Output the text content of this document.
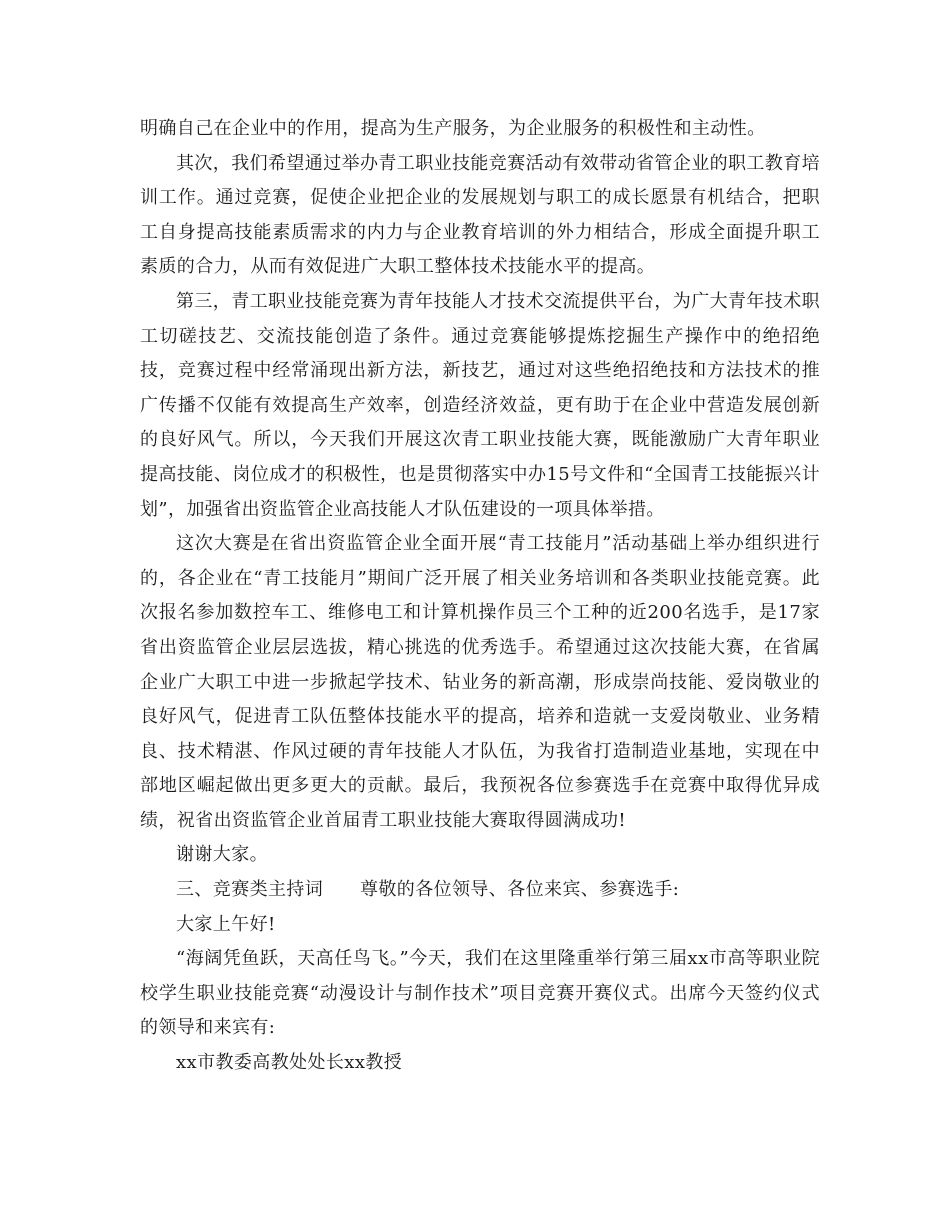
明确自己在企业中的作用，提高为生产服务，为企业服务的积极性和主动性。

其次，我们希望通过举办青工职业技能竞赛活动有效带动省管企业的职工教育培训工作。通过竞赛，促使企业把企业的发展规划与职工的成长愿景有机结合，把职工自身提高技能素质需求的内力与企业教育培训的外力相结合，形成全面提升职工素质的合力，从而有效促进广大职工整体技术技能水平的提高。

第三，青工职业技能竞赛为青年技能人才技术交流提供平台，为广大青年技术职工切磋技艺、交流技能创造了条件。通过竞赛能够提炼挖掘生产操作中的绝招绝技，竞赛过程中经常涌现出新方法，新技艺，通过对这些绝招绝技和方法技术的推广传播不仅能有效提高生产效率，创造经济效益，更有助于在企业中营造发展创新的良好风气。所以，今天我们开展这次青工职业技能大赛，既能激励广大青年职业提高技能、岗位成才的积极性，也是贯彻落实中办15号文件和“全国青工技能振兴计划”，加强省出资监管企业高技能人才队伍建设的一项具体举措。

这次大赛是在省出资监管企业全面开展“青工技能月”活动基础上举办组织进行的，各企业在“青工技能月”期间广泛开展了相关业务培训和各类职业技能竞赛。此次报名参加数控车工、维修电工和计算机操作员三个工种的近200名选手，是17家省出资监管企业层层选拔，精心挑选的优秀选手。希望通过这次技能大赛，在省属企业广大职工中进一步掀起学技术、钻业务的新高潮，形成崇尚技能、爱岗敬业的良好风气，促进青工队伍整体技能水平的提高，培养和造就一支爱岗敬业、业务精良、技术精湛、作风过硬的青年技能人才队伍，为我省打造制造业基地，实现在中部地区崛起做出更多更大的贡献。最后，我预祝各位参赛选手在竞赛中取得优异成绩，祝省出资监管企业首届青工职业技能大赛取得圆满成功!

谢谢大家。

三、竞赛类主持词　　尊敬的各位领导、各位来宾、参赛选手:

大家上午好!

“海阔凭鱼跃，天高任鸟飞。”今天，我们在这里隆重举行第三届xx市高等职业院校学生职业技能竞赛“动漫设计与制作技术”项目竞赛开赛仪式。出席今天签约仪式的领导和来宾有:

xx市教委高教处处长xx教授
